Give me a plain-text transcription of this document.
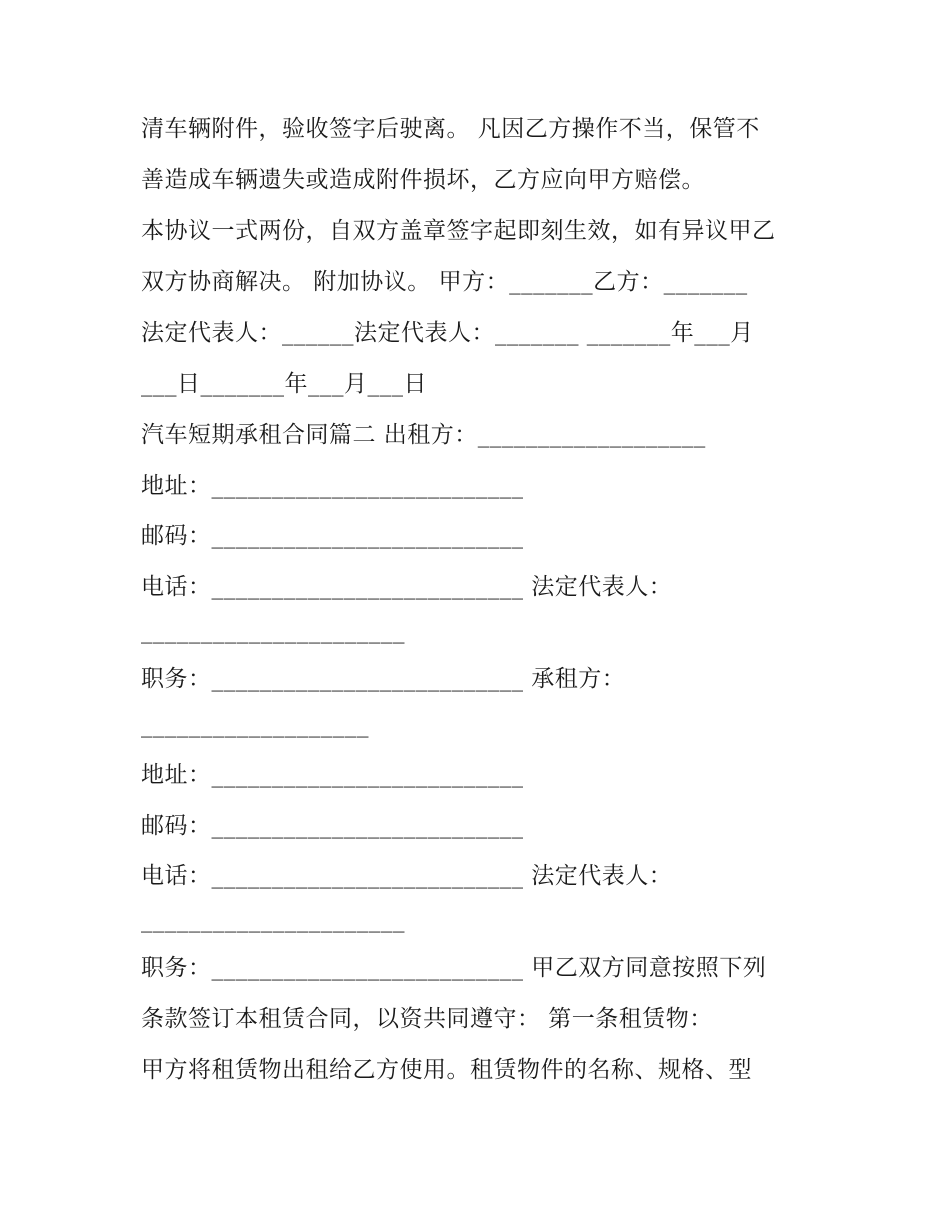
清车辆附件，验收签字后驶离。 凡因乙方操作不当，保管不
善造成车辆遗失或造成附件损坏，乙方应向甲方赔偿。
本协议一式两份，自双方盖章签字起即刻生效，如有异议甲乙
双方协商解决。 附加协议。 甲方：_______乙方：_______
法定代表人：______法定代表人：_______ _______年___月
___日_______年___月___日
汽车短期承租合同篇二 出租方：___________________
地址：__________________________
邮码：__________________________
电话：__________________________ 法定代表人：
______________________
职务：__________________________ 承租方：
___________________
地址：__________________________
邮码：__________________________
电话：__________________________ 法定代表人：
______________________
职务：__________________________ 甲乙双方同意按照下列
条款签订本租赁合同，以资共同遵守： 第一条租赁物：
甲方将租赁物出租给乙方使用。租赁物件的名称、规格、型
